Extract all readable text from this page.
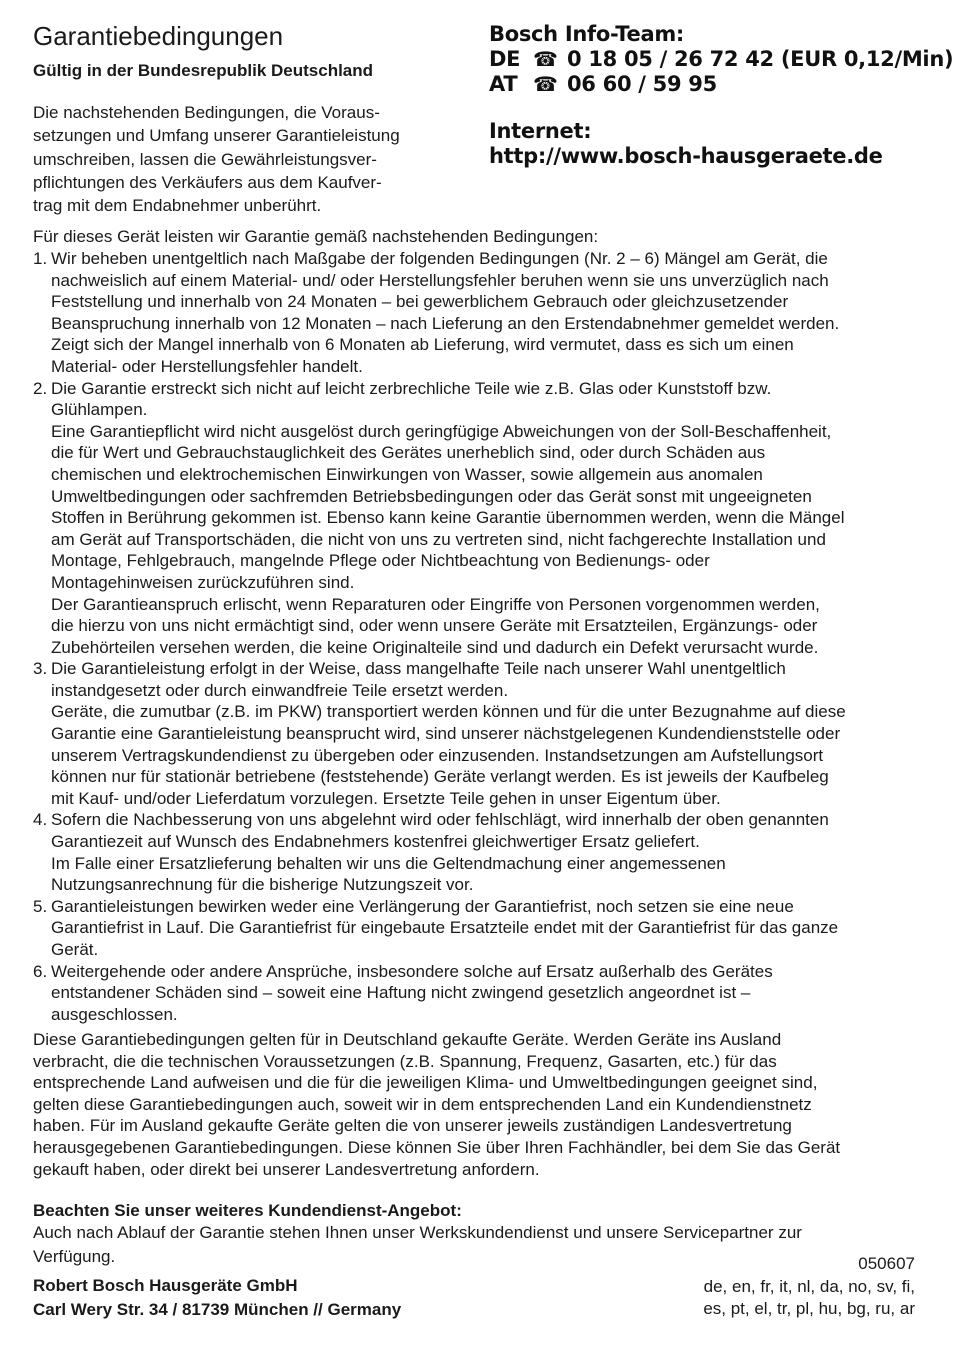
Garantiebedingungen
Gültig in der Bundesrepublik Deutschland
Die nachstehenden Bedingungen, die Voraus-
setzungen und Umfang unserer Garantieleistung
umschreiben, lassen die Gewährleistungsver-
pflichtungen des Verkäufers aus dem Kaufver-
trag mit dem Endabnehmer unberührt.
Bosch Info-Team:
DE ☎ 0 18 05 / 26 72 42 (EUR 0,12/Min)
AT ☎ 06 60 / 59 95
Internet:
http://www.bosch-hausgeraete.de
Für dieses Gerät leisten wir Garantie gemäß nachstehenden Bedingungen:
1. Wir beheben unentgeltlich nach Maßgabe der folgenden Bedingungen (Nr. 2 – 6) Mängel am Gerät, die
nachweislich auf einem Material- und/ oder Herstellungsfehler beruhen wenn sie uns unverzüglich nach
Feststellung und innerhalb von 24 Monaten – bei gewerblichem Gebrauch oder gleichzusetzender
Beanspruchung innerhalb von 12 Monaten – nach Lieferung an den Erstendabnehmer gemeldet werden.
Zeigt sich der Mangel innerhalb von 6 Monaten ab Lieferung, wird vermutet, dass es sich um einen
Material- oder Herstellungsfehler handelt.

2. Die Garantie erstreckt sich nicht auf leicht zerbrechliche Teile wie z.B. Glas oder Kunststoff bzw.
Glühlampen.

Eine Garantiepflicht wird nicht ausgelöst durch geringfügige Abweichungen von der Soll-Beschaffenheit,
die für Wert und Gebrauchstauglichkeit des Gerätes unerheblich sind, oder durch Schäden aus
chemischen und elektrochemischen Einwirkungen von Wasser, sowie allgemein aus anomalen
Umweltbedingungen oder sachfremden Betriebsbedingungen oder das Gerät sonst mit ungeeigneten
Stoffen in Berührung gekommen ist. Ebenso kann keine Garantie übernommen werden, wenn die Mängel
am Gerät auf Transportschäden, die nicht von uns zu vertreten sind, nicht fachgerechte Installation und
Montage, Fehlgebrauch, mangelnde Pflege oder Nichtbeachtung von Bedienungs- oder
Montagehinweisen zurückzuführen sind.

Der Garantieanspruch erlischt, wenn Reparaturen oder Eingriffe von Personen vorgenommen werden,
die hierzu von uns nicht ermächtigt sind, oder wenn unsere Geräte mit Ersatzteilen, Ergänzungs- oder
Zubehörteilen versehen werden, die keine Originalteile sind und dadurch ein Defekt verursacht wurde.

3. Die Garantieleistung erfolgt in der Weise, dass mangelhafte Teile nach unserer Wahl unentgeltlich
instandgesetzt oder durch einwandfreie Teile ersetzt werden.

Geräte, die zumutbar (z.B. im PKW) transportiert werden können und für die unter Bezugnahme auf diese
Garantie eine Garantieleistung beansprucht wird, sind unserer nächstgelegenen Kundendienststelle oder
unserem Vertragskundendienst zu übergeben oder einzusenden. Instandsetzungen am Aufstellungsort
können nur für stationär betriebene (feststehende) Geräte verlangt werden. Es ist jeweils der Kaufbeleg
mit Kauf- und/oder Lieferdatum vorzulegen. Ersetzte Teile gehen in unser Eigentum über.

4. Sofern die Nachbesserung von uns abgelehnt wird oder fehlschlägt, wird innerhalb der oben genannten
Garantiezeit auf Wunsch des Endabnehmers kostenfrei gleichwertiger Ersatz geliefert.

Im Falle einer Ersatzlieferung behalten wir uns die Geltendmachung einer angemessenen
Nutzungsanrechnung für die bisherige Nutzungszeit vor.

5. Garantieleistungen bewirken weder eine Verlängerung der Garantiefrist, noch setzen sie eine neue
Garantiefrist in Lauf. Die Garantiefrist für eingebaute Ersatzteile endet mit der Garantiefrist für das ganze
Gerät.

6. Weitergehende oder andere Ansprüche, insbesondere solche auf Ersatz außerhalb des Gerätes
entstandener Schäden sind – soweit eine Haftung nicht zwingend gesetzlich angeordnet ist –
ausgeschlossen.

Diese Garantiebedingungen gelten für in Deutschland gekaufte Geräte. Werden Geräte ins Ausland
verbracht, die die technischen Voraussetzungen (z.B. Spannung, Frequenz, Gasarten, etc.) für das
entsprechende Land aufweisen und die für die jeweiligen Klima- und Umweltbedingungen geeignet sind,
gelten diese Garantiebedingungen auch, soweit wir in dem entsprechenden Land ein Kundendienstnetz
haben. Für im Ausland gekaufte Geräte gelten die von unserer jeweils zuständigen Landesvertretung
herausgegebenen Garantiebedingungen. Diese können Sie über Ihren Fachhändler, bei dem Sie das Gerät
gekauft haben, oder direkt bei unserer Landesvertretung anfordern.
Beachten Sie unser weiteres Kundendienst-Angebot:
Auch nach Ablauf der Garantie stehen Ihnen unser Werkskundendienst und unsere Servicepartner zur
Verfügung.	050607
Robert Bosch Hausgeräte GmbH
Carl Wery Str. 34 / 81739 München // Germany
de, en, fr, it, nl, da, no, sv, fi,
es, pt, el, tr, pl, hu, bg, ru, ar
